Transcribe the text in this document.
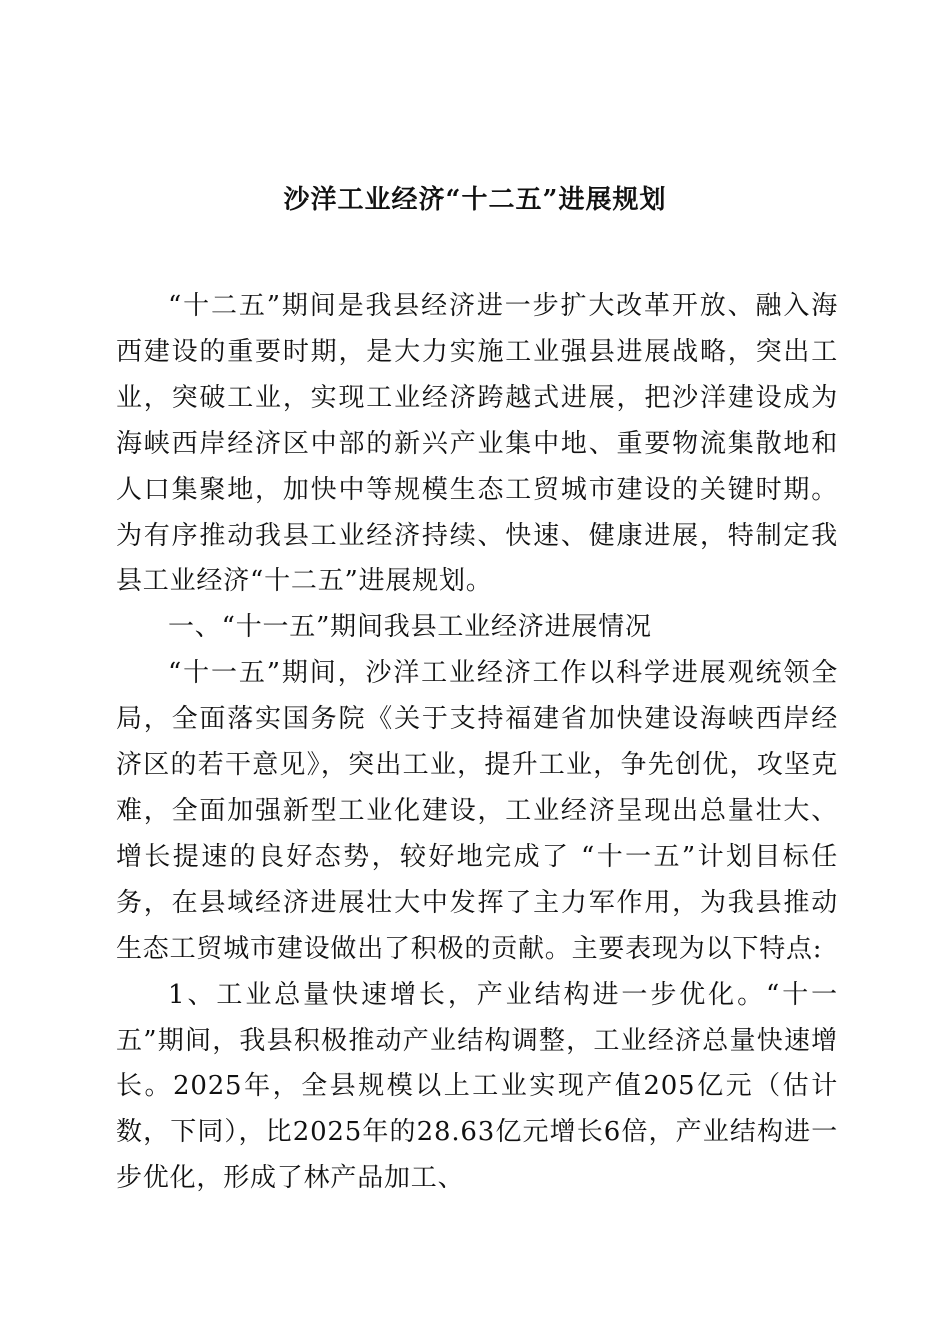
沙洋工业经济“十二五”进展规划

“十二五”期间是我县经济进一步扩大改革开放、融入海西建设的重要时期，是大力实施工业强县进展战略，突出工业，突破工业，实现工业经济跨越式进展，把沙洋建设成为海峡西岸经济区中部的新兴产业集中地、重要物流集散地和人口集聚地，加快中等规模生态工贸城市建设的关键时期。为有序推动我县工业经济持续、快速、健康进展，特制定我县工业经济“十二五”进展规划。

一、“十一五”期间我县工业经济进展情况

“十一五”期间，沙洋工业经济工作以科学进展观统领全局，全面落实国务院《关于支持福建省加快建设海峡西岸经济区的若干意见》，突出工业，提升工业，争先创优，攻坚克难，全面加强新型工业化建设，工业经济呈现出总量壮大、增长提速的良好态势，较好地完成了 “十一五”计划目标任务，在县域经济进展壮大中发挥了主力军作用，为我县推动生态工贸城市建设做出了积极的贡献。主要表现为以下特点:

1、工业总量快速增长，产业结构进一步优化。“十一五”期间，我县积极推动产业结构调整，工业经济总量快速增长。2025年，全县规模以上工业实现产值205亿元（估计数，下同），比2025年的28.63亿元增长6倍，产业结构进一步优化，形成了林产品加工、
